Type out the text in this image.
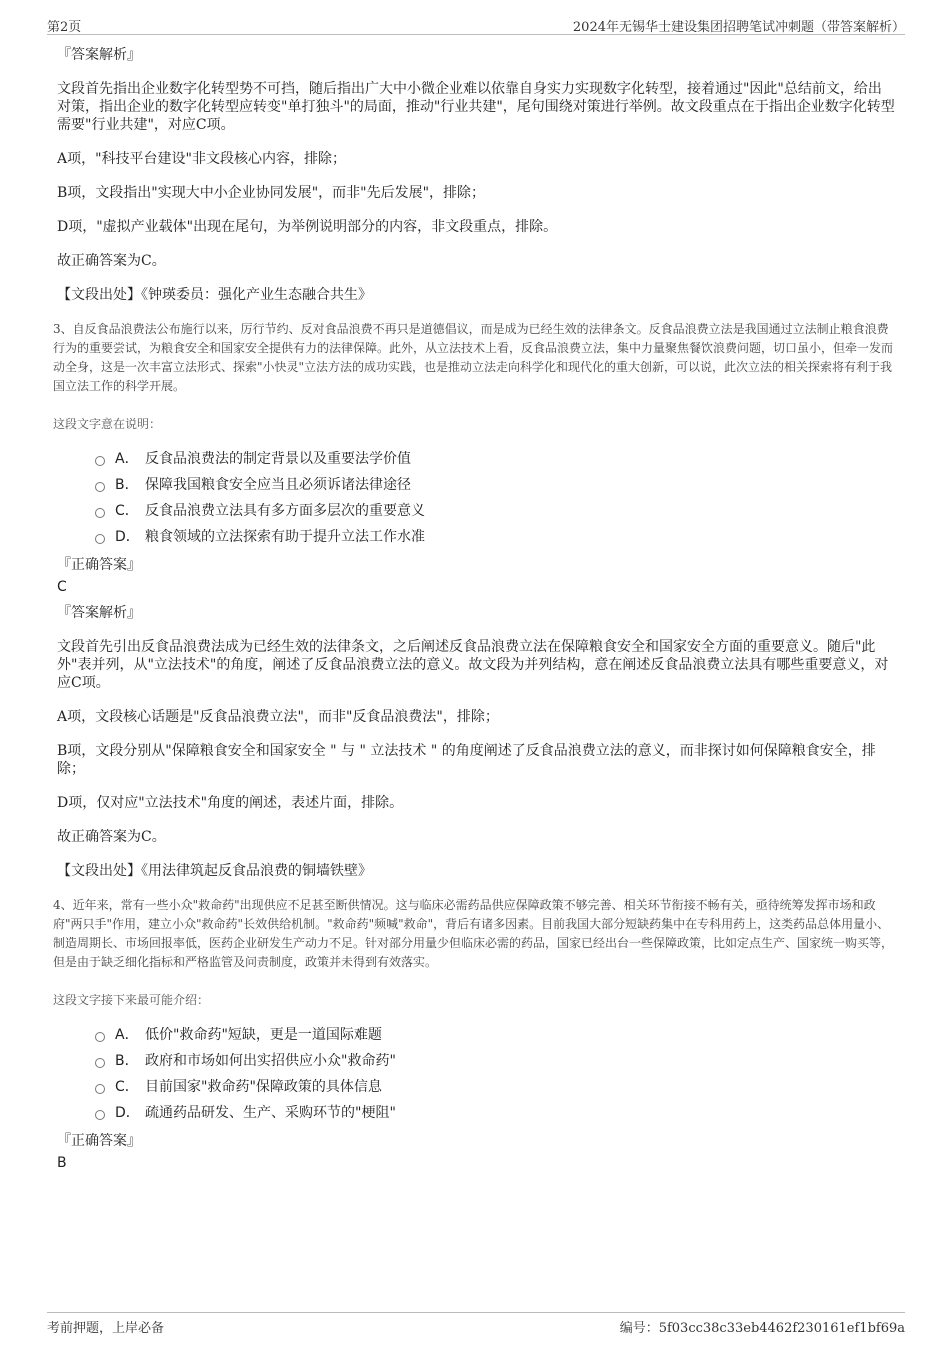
第2页	2024年无锡华士建设集团招聘笔试冲刺题（带答案解析）
『答案解析』

文段首先指出企业数字化转型势不可挡，随后指出广大中小微企业难以依靠自身实力实现数字化转型，接着通过"因此"总结前文，给出对策，指出企业的数字化转型应转变"单打独斗"的局面，推动"行业共建"，尾句围绕对策进行举例。故文段重点在于指出企业数字化转型需要"行业共建"，对应C项。

A项，"科技平台建设"非文段核心内容，排除；

B项，文段指出"实现大中小企业协同发展"，而非"先后发展"，排除；

D项，"虚拟产业载体"出现在尾句，为举例说明部分的内容，非文段重点，排除。

故正确答案为C。

【文段出处】《钟瑛委员：强化产业生态融合共生》

3、自反食品浪费法公布施行以来，厉行节约、反对食品浪费不再只是道德倡议，而是成为已经生效的法律条文。反食品浪费立法是我国通过立法制止粮食浪费行为的重要尝试，为粮食安全和国家安全提供有力的法律保障。此外，从立法技术上看，反食品浪费立法，集中力量聚焦餐饮浪费问题，切口虽小，但牵一发而动全身，这是一次丰富立法形式、探索"小快灵"立法方法的成功实践，也是推动立法走向科学化和现代化的重大创新，可以说，此次立法的相关探索将有利于我国立法工作的科学开展。

这段文字意在说明：

A． 反食品浪费法的制定背景以及重要法学价值
B． 保障我国粮食安全应当且必须诉诸法律途径
C． 反食品浪费立法具有多方面多层次的重要意义
D． 粮食领域的立法探索有助于提升立法工作水准
『正确答案』
C
『答案解析』

文段首先引出反食品浪费法成为已经生效的法律条文，之后阐述反食品浪费立法在保障粮食安全和国家安全方面的重要意义。随后"此外"表并列，从"立法技术"的角度，阐述了反食品浪费立法的意义。故文段为并列结构，意在阐述反食品浪费立法具有哪些重要意义，对应C项。

A项，文段核心话题是"反食品浪费立法"，而非"反食品浪费法"，排除；

B项，文段分别从"保障粮食安全和国家安全 " 与 " 立法技术 " 的角度阐述了反食品浪费立法的意义，而非探讨如何保障粮食安全，排除；

D项，仅对应"立法技术"角度的阐述，表述片面，排除。

故正确答案为C。

【文段出处】《用法律筑起反食品浪费的铜墙铁壁》

4、近年来，常有一些小众"救命药"出现供应不足甚至断供情况。这与临床必需药品供应保障政策不够完善、相关环节衔接不畅有关，亟待统筹发挥市场和政府"两只手"作用，建立小众"救命药"长效供给机制。"救命药"频喊"救命"，背后有诸多因素。目前我国大部分短缺药集中在专科用药上，这类药品总体用量小、制造周期长、市场回报率低，医药企业研发生产动力不足。针对部分用量少但临床必需的药品，国家已经出台一些保障政策，比如定点生产、国家统一购买等，但是由于缺乏细化指标和严格监管及问责制度，政策并未得到有效落实。

这段文字接下来最可能介绍：

A． 低价"救命药"短缺，更是一道国际难题
B． 政府和市场如何出实招供应小众"救命药"
C． 目前国家"救命药"保障政策的具体信息
D． 疏通药品研发、生产、采购环节的"梗阻"
『正确答案』
B
考前押题，上岸必备	编号：5f03cc38c33eb4462f230161ef1bf69a
